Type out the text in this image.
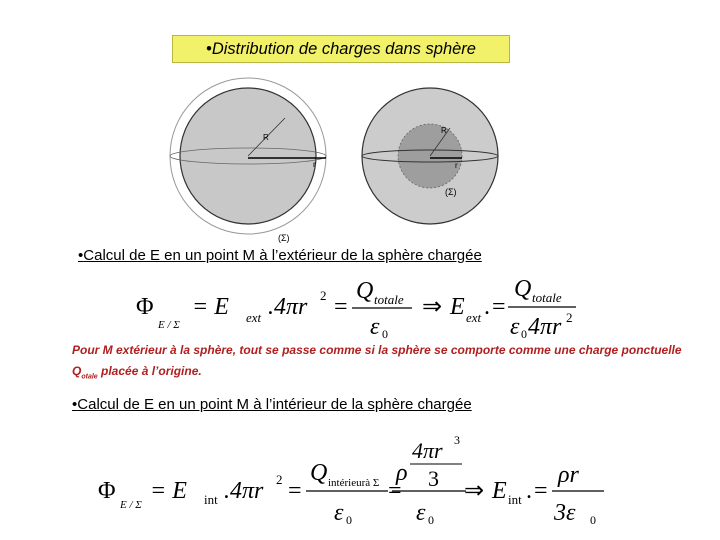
•Distribution de charges dans sphère
R
r
(Σ)
R
r
(Σ)
•Calcul de E en un point M à l’extérieur de la sphère chargée
Φ
E / Σ
= E ext .4πr 2 =
Q totale
ε 0
⇒ E ext . =
Q totale
ε 0 4πr 2
Pour M extérieur à la sphère, tout se passe comme si la sphère se comporte comme une charge ponctuelle
$Q_{otale}$ placée à l’origine.
•Calcul de E en un point M à l’intérieur de la sphère chargée
Φ
E / Σ
= E int .4πr 2 =
Q intérieurà Σ
ε 0
=
ρ
4πr 3
3
ε 0
⇒ E int . =
ρr
3ε 0
